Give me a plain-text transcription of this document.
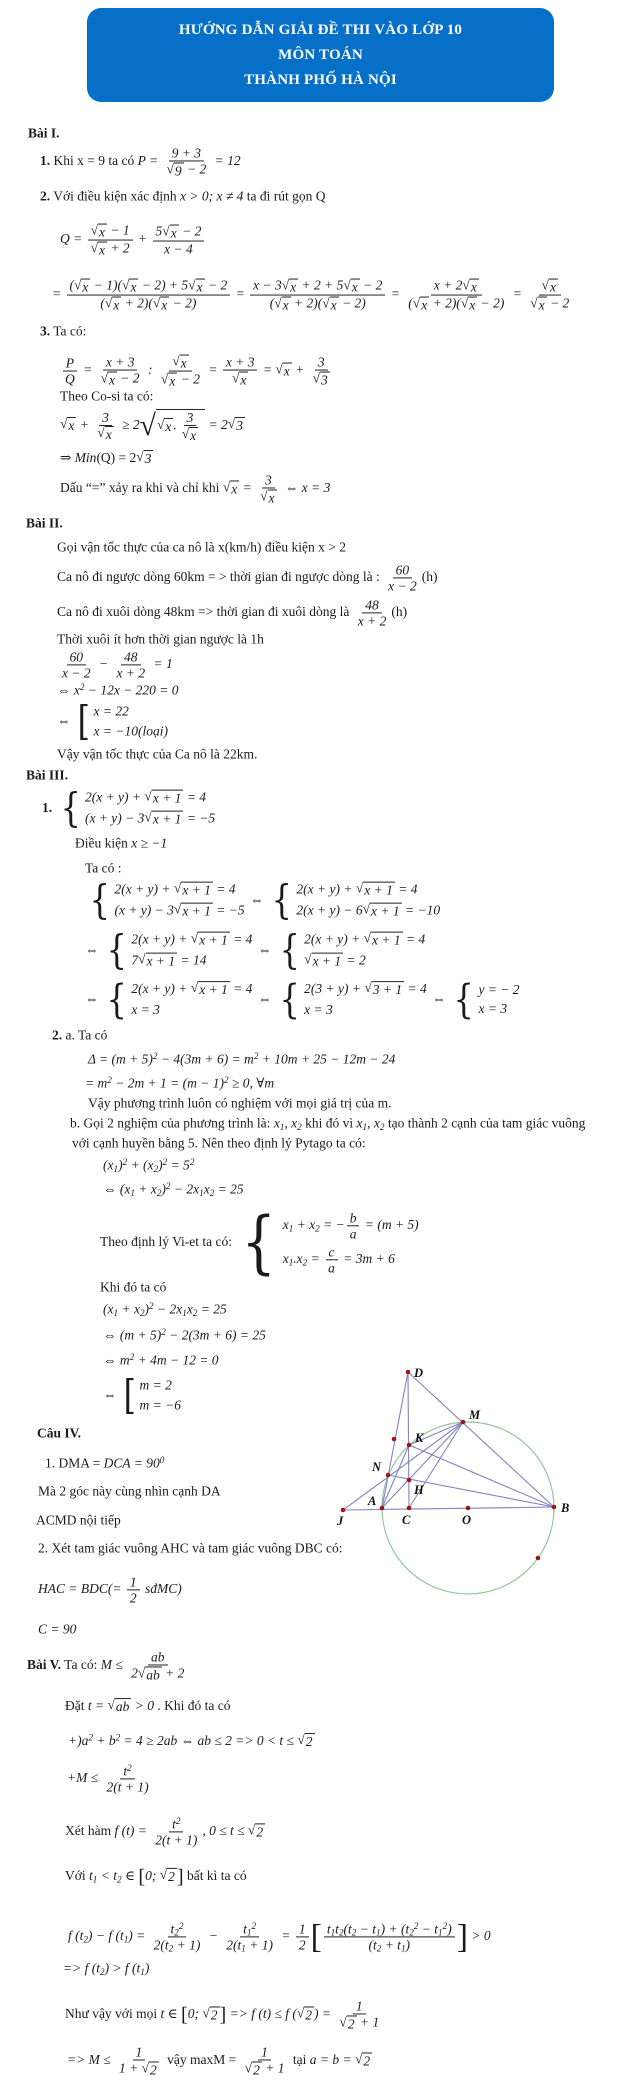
HƯỚNG DẪN GIẢI ĐỀ THI VÀO LỚP 10
MÔN TOÁN
THÀNH PHỐ HÀ NỘI
Bài I.
1. Khi x = 9 ta có $P = \frac{9 + 3}{√ 9 - 2} = 12$
2. Với điều kiện xác định x > 0; x ≠ 4 ta đi rút gọn Q
$Q = \frac{√ x - 1}{√ x + 2} + \frac{5 √ x - 2}{x - 4}$
= $\frac{( √ x - 1)( √ x - 2) + 5 √ x - 2}{( √ x + 2)( √ x - 2)} = \frac{x - 3 √ x + 2 + 5 √ x - 2}{( √ x + 2)( √ x - 2)} = \frac{x + 2 √ x}{( √ x + 2)( √ x - 2)} = \frac{√ x}{√ x - 2}$
3. Ta có:
$\frac{P}{Q} = \frac{x + 3}{√ x - 2}$ : $\frac{√ x}{√ x - 2} = \frac{x + 3}{√ x}$ = √ $x + \frac{3}{√ 3}$
Theo Co-si ta có:
√ $x + \frac{3}{√ x} \ge 2$ √ √ x . $\frac{3}{√ x} = 2$ √ 3
⇒ Min(Q) = 2 √ 3
Dấu “=” xảy ra khi và chỉ khi √ $x = \frac{3}{√ x}$ ⇔ x = 3
Bài II.
Gọi vận tốc thực của ca nô là x(km/h) điều kiện x > 2
Ca nô đi ngược dòng 60km = > thời gian đi ngược dòng là : $\frac{60}{x - 2} (h)$
Ca nô đi xuôi dòng 48km => thời gian đi xuôi dòng là $\frac{48}{x + 2} (h)$
Thời xuôi ít hơn thời gian ngược là 1h
$\frac{60}{x - 2} - \frac{48}{x + 2} = 1$
⇔ $x^2 - 12x - 220 = 0$
⇔ [ x = 22
x = −10(loại)
Vậy vận tốc thực của Ca nô là 22km.
Bài III.
1. { 2(x + y) + √ x + 1 = 4
(x + y) − 3 √ x + 1 = −5
Điều kiện x ≥ −1
Ta có :
{ 2(x + y) + √ x + 1 = 4
(x + y) − 3 √ x + 1 = −5
⇔ { 2(x + y) + √ x + 1 = 4
2(x + y) − 6 √ x + 1 = −10
⇔ { 2(x + y) + √ x + 1 = 4
7 √ x + 1 = 14
⇔ { 2(x + y) + √ x + 1 = 4
√ x + 1 = 2
⇔ { 2(x + y) + √ x + 1 = 4
x = 3
⇔ { 2(3 + y) + √ 3 + 1 = 4
x = 3
⇔ { y = − 2
x = 3
2. a. Ta có
$\Delta = (m + 5)^2 - 4(3m + 6) = m^2 + 10m + 25 - 12m - 24$
= $m^2 - 2m + 1 = (m - 1)^2 \ge 0$, ∀m
Vậy phương trình luôn có nghiệm với mọi giá trị của m.
b. Gọi 2 nghiệm của phương trình là: x1, x2 khi đó vì x1, x2 tạo thành 2 cạnh của tam giác vuông
với cạnh huyền bằng 5. Nên theo định lý Pytago ta có:
$(x1)^2 + (x2)^2 = 5^2$
⇔ $(x1 + x2)^2 - 2x1x2 = 25$
Theo định lý Vi-et ta có: { x1 + x2 = − $\frac{b}{a} = (m + 5)$
$x1.x2 = \frac{c}{a} = 3m + 6$
Khi đó ta có
$(x1 + x2)^2 - 2x1x2 = 25$
⇔ $(m + 5)^2 - 2(3m + 6) = 25$
⇔ $m^2 + 4m - 12 = 0$
⇔ [ m = 2
m = −6
Câu IV.
1. DMA = DCA = $90^0$
Mà 2 góc này cùng nhìn cạnh DA
ACMD nội tiếp
2. Xét tam giác vuông AHC và tam giác vuông DBC có:
HAC = $BDC(= \frac{1}{2}$ sđMC)
C = 90
Bài V. Ta có: $M \le \frac{ab}{2 √ ab + 2}$
Đặt t = √ ab > 0 . Khi đó ta có
$+)a^2 + b^2 = 4 \ge 2ab$ ⇔ ab ≤ 2 => 0 < t ≤ √ 2
$+M \le \frac{t^2}{2(t + 1)}$
Xét hàm f $(t) = \frac{t^2}{2(t + 1)}$ , 0 ≤ t ≤ √ 2
Với t1 < t2 ∈ [0; √ 2 ] bất kì ta có
f (t2) − f $(t1) = \frac{t2^2}{2(t2 + 1)} - \frac{t1^2}{2(t1 + 1)} = \frac{1}{2}$ [ $\frac{t1t2(t2 - t1) + (t2^2 - t1^2)}{(t2 + t1)}$ ] > 0
=> f (t2) > f (t1)
Như vậy với mọi t ∈ [0; √ 2 ] => f (t) ≤ f ( √ 2 ) = $\frac{1}{√ 2 + 1}$
=> $M \le \frac{1}{1 + √ 2}$ vậy $\max M = \frac{1}{√ 2 + 1}$ tại a = b = √ 2
D
M
K
N
H
J
A
C	O
B
